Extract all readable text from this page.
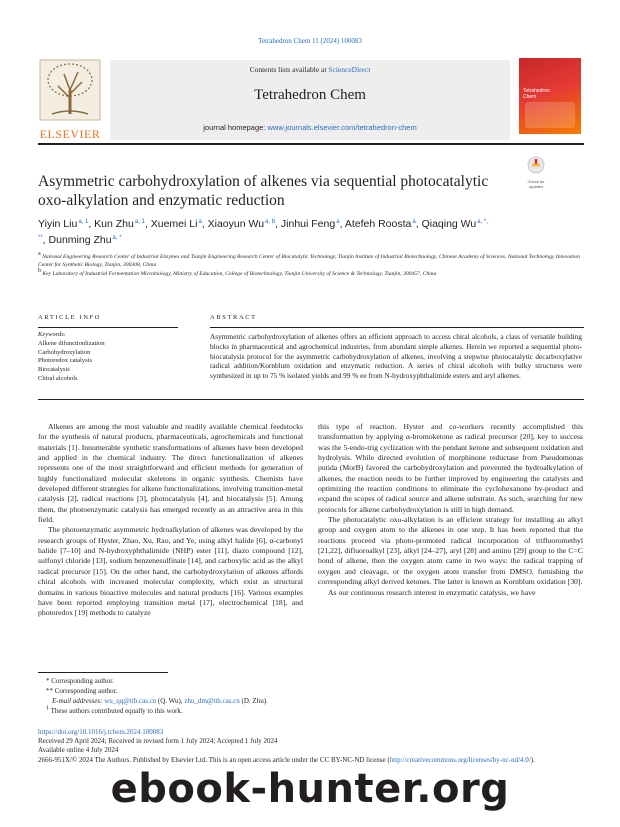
Tetrahedron Chem 11 (2024) 100083
ELSEVIER
Contents lists available at ScienceDirect
Tetrahedron Chem
journal homepage: www.journals.elsevier.com/tetrahedron-chem
Tetrahedron
Chem
Asymmetric carbohydroxylation of alkenes via sequential photocatalytic oxo-alkylation and enzymatic reduction
Check for
updates
Yiyin Liu$^{a, 1}$, Kun Zhu$^{a, 1}$, Xuemei Li$^a$, Xiaoyun Wu$^{a, b}$, Jinhui Feng$^a$, Atefeh Roosta$^a$, Qiaqing $Wu^{a, *, **}$, Dunming Zhu$^{a, *}$
a National Engineering Research Center of Industrial Enzymes and Tianjin Engineering Research Center of Biocatalytic Technology, Tianjin Institute of Industrial Biotechnology, Chinese Academy of Sciences. National Technology Innovation Center for Synthetic Biology, Tianjin, 300308, China
b Key Laboratory of Industrial Fermentation Microbiology, Ministry of Education, College of Biotechnology, Tianjin University of Science & Technology, Tianjin, 300457, China
ARTICLE INFO	ABSTRACT
Keywords:
Alkene difunctionlization
Carbohydroxylation
Photoredox catalysis
Biocatalysis
Chiral alcohols
Asymmetric carbohydroxylation of alkenes offers an efficient approach to access chiral alcohols, a class of versatile building blocks in pharmaceutical and agrochemical industries, from abundant simple alkenes. Herein we reported a sequential photo-biocatalysis protocol for the asymmetric carbohydroxylation of alkenes, involving a stepwise photocatalytic decarboxylative radical addition/Kornblum oxidation and enzymatic reduction. A series of chiral alcohols with bulky structures were synthesized in up to 75 % isolated yields and 99 % ee from N-hydroxyphthalimide esters and aryl alkenes.

Alkenes are among the most valuable and readily available chemical feedstocks for the synthesis of natural products, pharmaceuticals, agrochemicals and functional materials [1]. Innumerable synthetic transformations of alkenes have been developed and applied in the chemical industry. The direct functionalization of alkenes represents one of the most straightforward and efficient methods for generation of highly functionalized molecular skeletons in organic synthesis. Chemists have developed different strategies for alkene functionalizations, involving transition-metal catalysis [2], radical reactions [3], photocatalysis [4], and biocatalysis [5]. Among them, the photoenzymatic catalysis has emerged recently as an attractive area in this field.

The photoenzymatic asymmetric hydroalkylation of alkenes was developed by the research groups of Hyster, Zhao, Xu, Rao, and Ye, using alkyl halide [6], α-carbonyl halide [7–10] and N-hydroxyphthalimide (NHP) ester [11], diazo compound [12], sulfonyl chloride [13], sodium benzenesulfinate [14], and carboxylic acid as the alkyl radical precursor [15]. On the other hand, the carbohydroxylation of alkenes affords chiral alcohols with increased molecular complexity, which exist as structural domains in various bioactive molecules and natural products [16]. Various examples have been reported employing transition metal [17], electrochemical [18], and photoredox [19] methods to catalyze

this type of reaction. Hyster and co-workers recently accomplished this transformation by applying α-bromoketone as radical precursor [20], key to success was the 5-endo-trig cyclization with the pendant ketone and subsequent oxidation and hydrolysis. While directed evolution of morphinone reductase from Pseudomonas putida (MorB) favored the carbohydroxylation and prevented the hydroalkylation of alkenes, the reaction needs to be further improved by engineering the catalysts and optimizing the reaction conditions to eliminate the cyclohexanone by-product and expand the scopes of radical source and alkene substrate. As such, searching for new protocols for alkene carbohydroxylation is still in high demand.

The photocatalytic oxo-alkylation is an efficient strategy for installing an alkyl group and oxygen atom to the alkenes in one step. It has been reported that the reactions proceed via photo-promoted radical incorporation of trifluoromethyl [21,22], difluoroalkyl [23], alkyl [24–27], aryl [28] and amino [29] group to the C=C bond of alkene, then the oxygen atom came in two ways: the radical trapping of oxygen and cleavage, or the oxygen atom transfer from DMSO, furnishing the corresponding alkyl derived ketones. The latter is known as Kornblum oxidation [30].

As our continuous research interest in enzymatic catalysis, we have

* Corresponding author.
** Corresponding author.
E-mail addresses: wu_qq@tib.cas.cn (Q. Wu), zhu_dm@tib.cas.cn (D. Zhu).
1 These authors contributed equally to this work.
https://doi.org/10.1016/j.tchem.2024.100083
Received 29 April 2024; Received in revised form 1 July 2024; Accepted 1 July 2024
Available online 4 July 2024
2666-951X/© 2024 The Authors. Published by Elsevier Ltd. This is an open access article under the CC BY-NC-ND license (http://creativecommons.org/licenses/by-nc-nd/4.0/).
ebook-hunter.org
